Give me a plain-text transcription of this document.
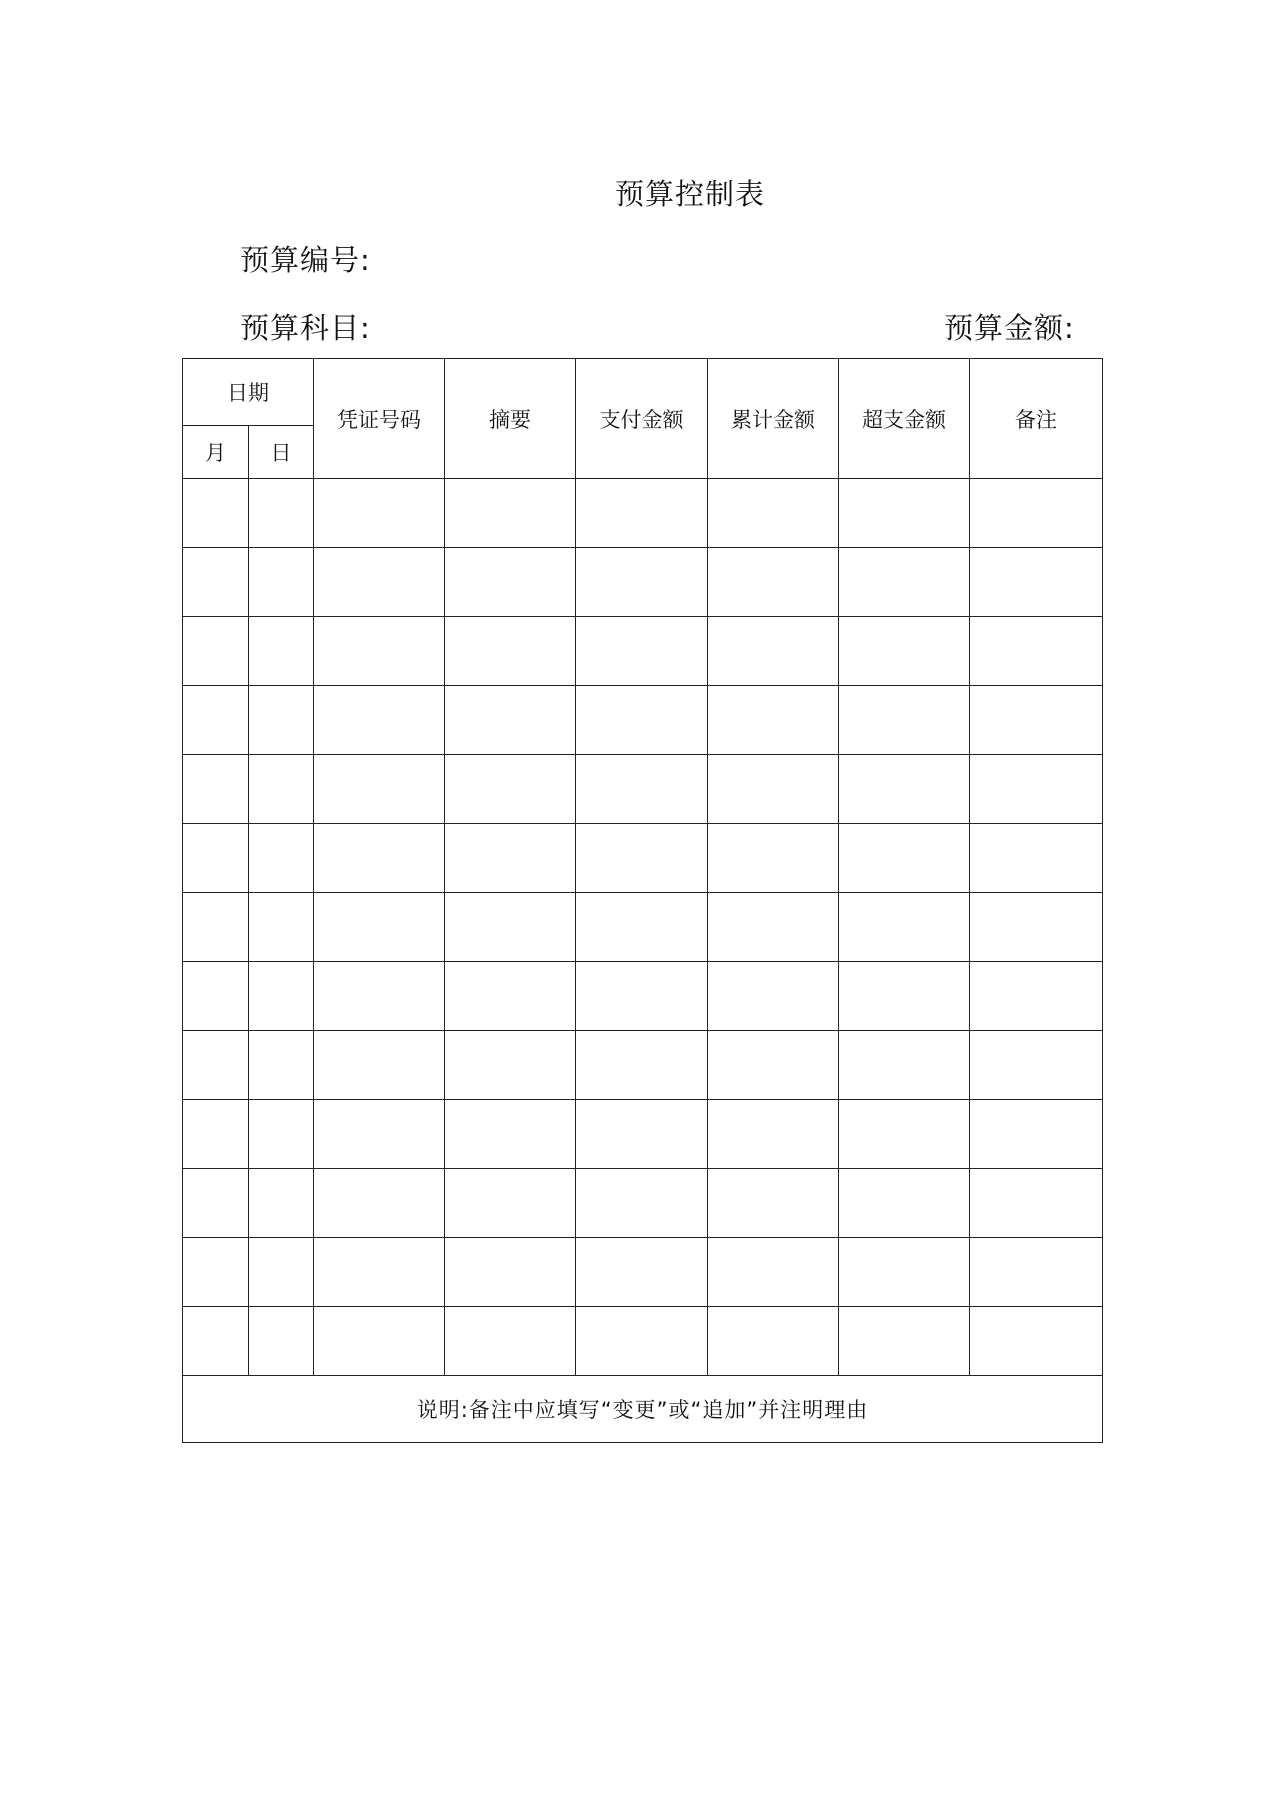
预算控制表
预算编号:
预算科目:	预算金额:
日期		凭证号码	摘要	支付金额	累计金额	超支金额	备注
月	日						

说明:备注中应填写“变更”或“追加”并注明理由							
